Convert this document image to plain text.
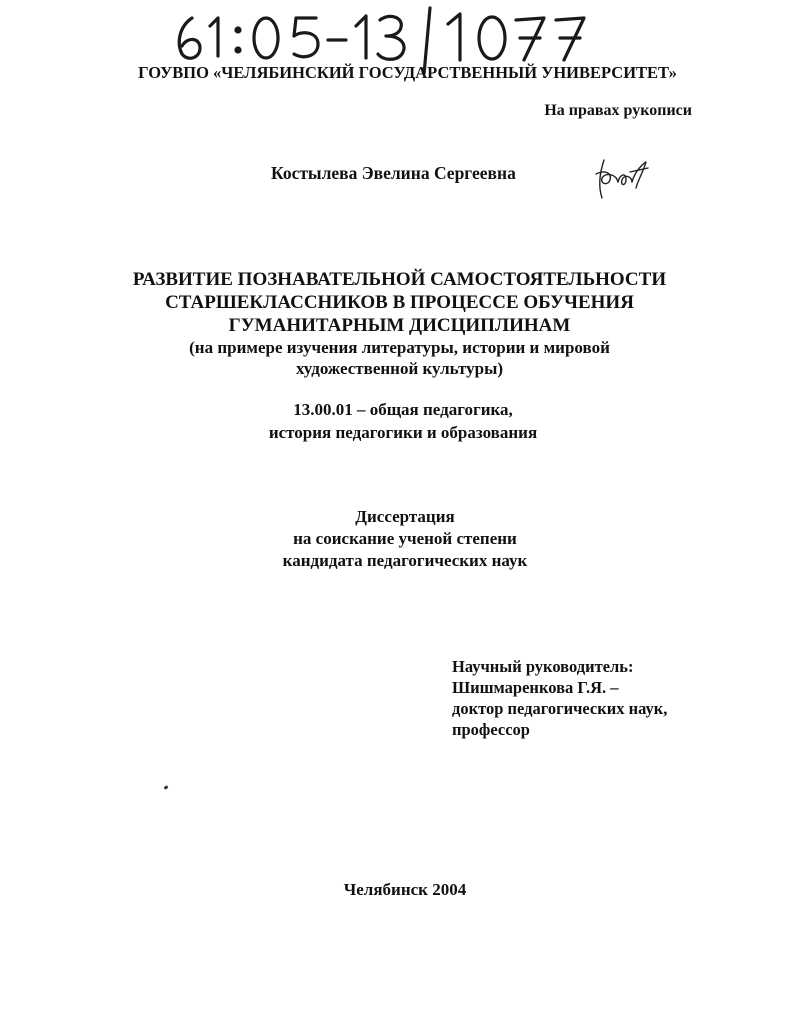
ГОУВПО «ЧЕЛЯБИНСКИЙ ГОСУДАРСТВЕННЫЙ УНИВЕРСИТЕТ»
На правах рукописи
Костылева Эвелина Сергеевна
РАЗВИТИЕ ПОЗНАВАТЕЛЬНОЙ САМОСТОЯТЕЛЬНОСТИ
СТАРШЕКЛАССНИКОВ В ПРОЦЕССЕ ОБУЧЕНИЯ
ГУМАНИТАРНЫМ ДИСЦИПЛИНАМ
(на примере изучения литературы, истории и мировой
художественной культуры)
13.00.01 – общая педагогика,
история педагогики и образования
Диссертация
на соискание ученой степени
кандидата педагогических наук
Научный руководитель:
Шишмаренкова Г.Я. –
доктор педагогических наук,
профессор
Челябинск 2004
